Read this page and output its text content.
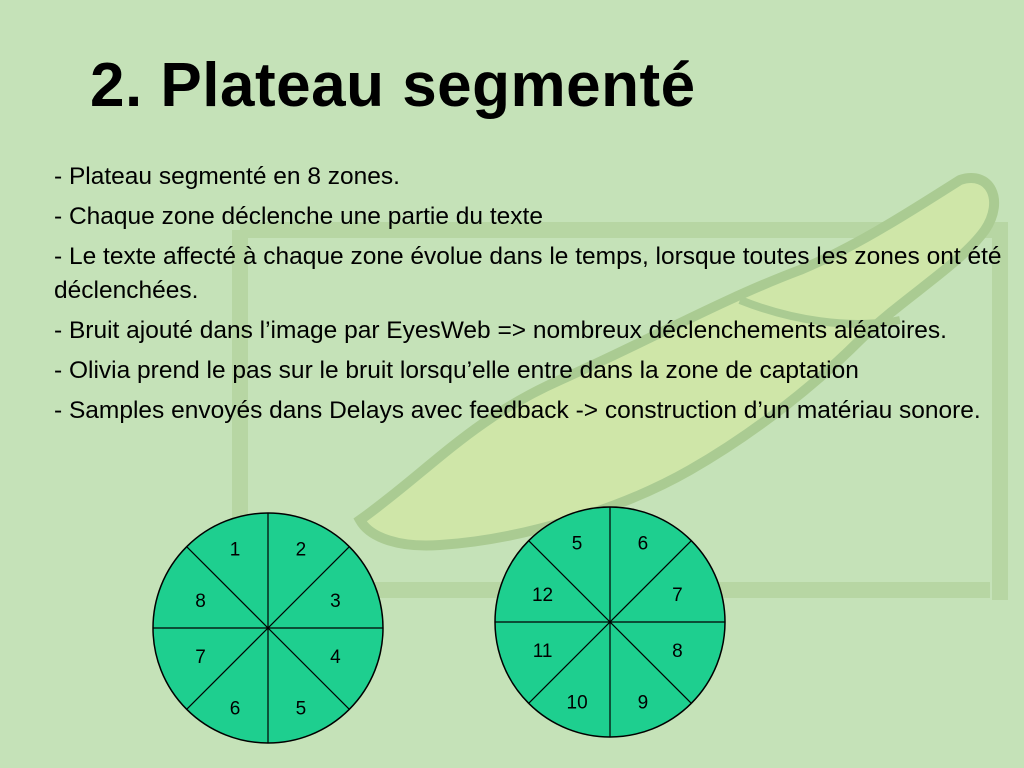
2. Plateau segmenté
- Plateau segmenté en 8 zones.
- Chaque zone déclenche une partie du texte
- Le texte affecté à chaque zone évolue dans le temps, lorsque toutes les zones ont été déclenchées.
- Bruit ajouté dans l’image par EyesWeb => nombreux déclenchements aléatoires.
- Olivia prend le pas sur le bruit lorsqu’elle entre dans la zone de captation
- Samples envoyés dans Delays avec feedback -> construction d’un matériau sonore.
1	2
3
4
5
6
7
8
5	6
7
8
9
10
11
12
